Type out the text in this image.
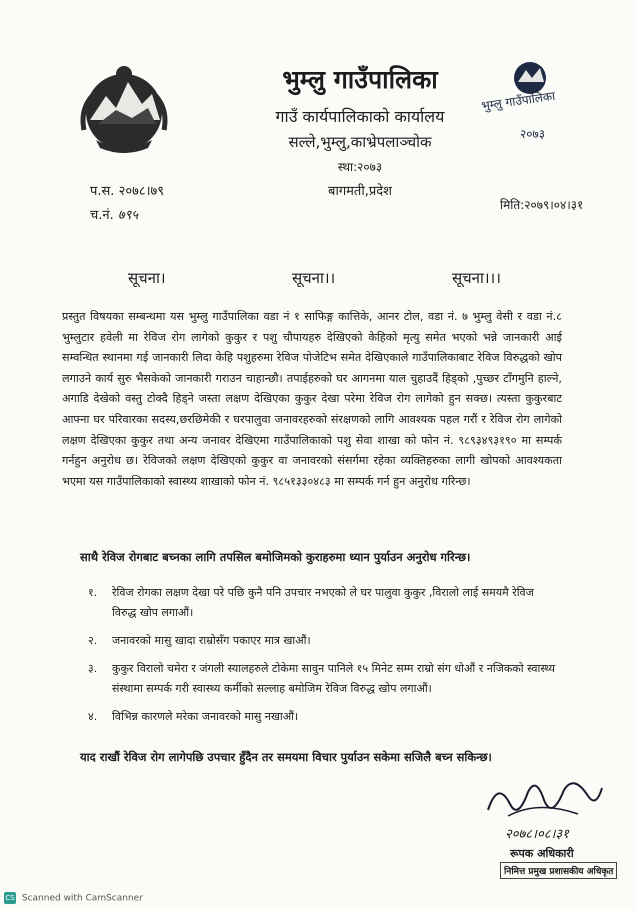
भुम्लु गाउँपालिका
२०७३
भुम्लु गाउँपालिका
गाउँ कार्यपालिकाको कार्यालय
सल्ले,भुम्लु,काभ्रेपलाञ्चोक
स्था:२०७३
बागमती,प्रदेश
प.स. २०७८।७९
च.नं. ७९५
मिति:२०७९।०४।३१
सूचना।	सूचना।।	सूचना।।।
प्रस्तुत विषयका सम्बन्धमा यस भुम्लु गाउँपालिका वडा नं १ साफिङ्ग कात्तिके, आनर टोल, वडा नं. ७ भुम्लु वेसी र वडा नं.८ भुम्लुटार हवेली मा रेविज रोग लागेको कुकुर र पशु चौपायहरु देखिएको केहिको मृत्यु समेत भएको भन्ने जानकारी आई सम्वन्धित स्थानमा गई जानकारी लिदा केहि पशुहरुमा रेविज पोजेटिभ समेत देखिएकाले गाउँपालिकाबाट रेविज विरुद्धको खोप लगाउने कार्य सुरु भैसकेको जानकारी गराउन चाहान्छौ। तपाईहरुको घर आगनमा याल चुहाउदैं हिड्को ,पुच्छर टाँगमुनि हाल्ने, अगाडि देखेको वस्तु टोक्दै हिड्ने जस्ता लक्षण देखिएका कुकुर देखा परेमा रेविज रोग लागेको हुन सक्छ। त्यस्ता कुकुरबाट आफ्ना घर परिवारका सदस्य,छरछिमेकी र घरपालुवा जनावरहरुको संरक्षणको लागि आवश्यक पहल गरौं र रेविज रोग लागेको लक्षण देखिएका कुकुर तथा अन्य जनावर देखिएमा गाउँपालिकाको पशु सेवा शाखा को फोन नं. ९८९३४९३१९० मा सम्पर्क गर्नहुन अनुरोध छ। रेविजको लक्षण देखिएको कुकुर वा जनावरको संसर्गमा रहेका व्यक्तिहरुका लागी खोपको आवश्यकता भएमा यस गाउँपालिकाको स्वास्थ्य शाखाको फोन नं. ९८५१३३०४८३ मा सम्पर्क गर्न हुन अनुरोध गरिन्छ।
साथै रेविज रोगबाट बच्नका लागि तपसिल बमोजिमको कुराहरुमा ध्यान पुर्याउन अनुरोध गरिन्छ।
१. रेविज रोगका लक्षण देखा परे पछि कुनै पनि उपचार नभएको ले घर पालुवा कुकुर ,विरालो लाई समयमै रेविज विरुद्ध खोप लगाऔं।
२. जनावरको मासु खादा राम्रोसँग पकाएर मात्र खाऔं।
३. कुकुर विरालो चमेरा र जंगली स्यालहरुले टोकेमा सावुन पानिले १५ मिनेट सम्म राम्रो संग धोऔं र नजिकको स्वास्थ्य संस्थामा सम्पर्क गरी स्वास्थ्य कर्मीको सल्लाह बमोजिम रेविज विरुद्ध खोप लगाऔं।
४. विभिन्न कारणले मरेका जनावरको मासु नखाऔं।
याद राखौं रेविज रोग लागेपछि उपचार हुँदैन तर समयमा विचार पुर्याउन सकेमा सजिलै बच्न सकिन्छ।
२०७८।०८।३१
रूपक अधिकारी
निमित्त प्रमुख प्रशासकीय अधिकृत
CS Scanned with CamScanner
